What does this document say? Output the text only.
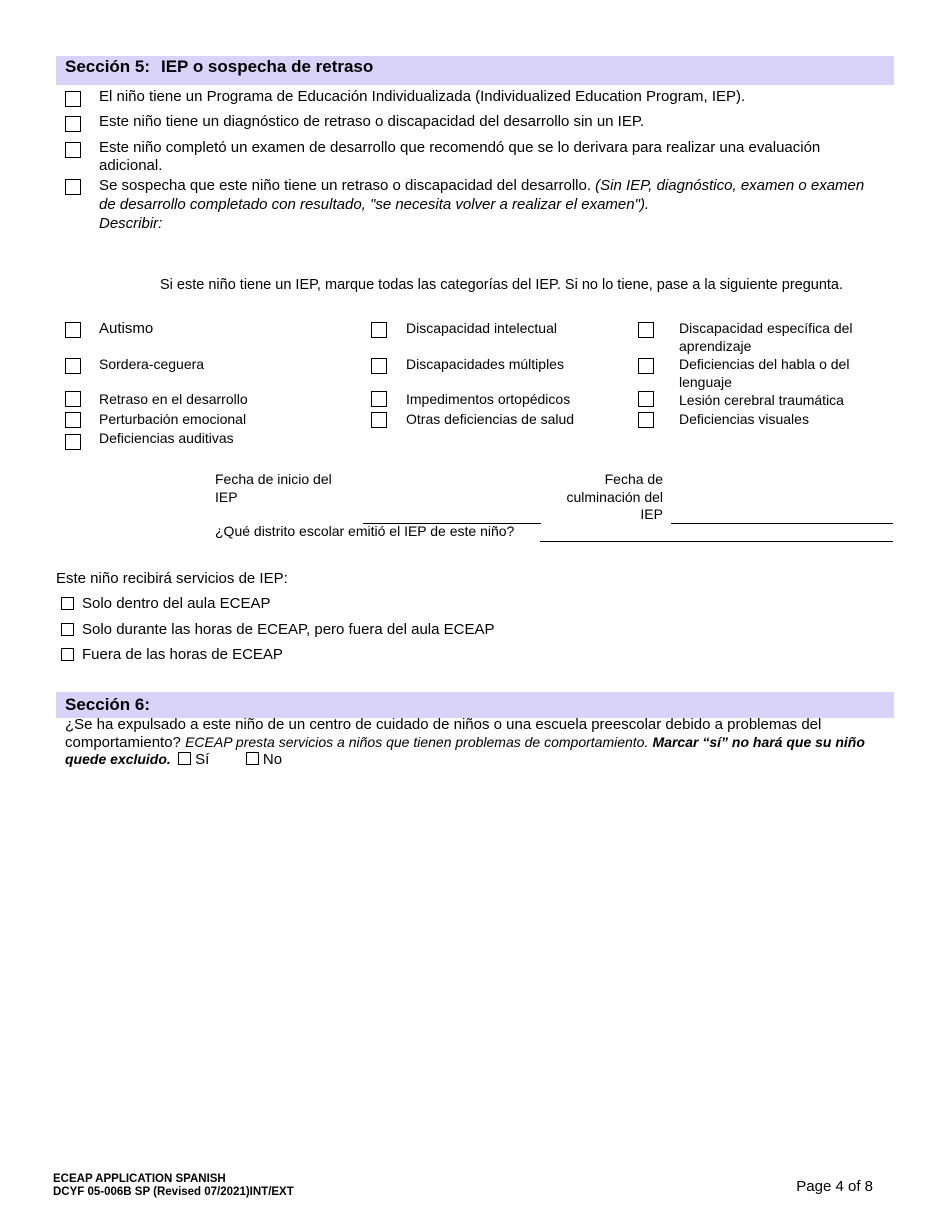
Sección 5: IEP o sospecha de retraso
El niño tiene un Programa de Educación Individualizada (Individualized Education Program, IEP).
Este niño tiene un diagnóstico de retraso o discapacidad del desarrollo sin un IEP.
Este niño completó un examen de desarrollo que recomendó que se lo derivara para realizar una evaluación adicional.
Se sospecha que este niño tiene un retraso o discapacidad del desarrollo. (Sin IEP, diagnóstico, examen o examen de desarrollo completado con resultado, "se necesita volver a realizar el examen").
Describir:
Si este niño tiene un IEP, marque todas las categorías del IEP. Si no lo tiene, pase a la siguiente pregunta.
Autismo
Sordera-ceguera
Retraso en el desarrollo
Perturbación emocional
Deficiencias auditivas
Discapacidad intelectual
Discapacidades múltiples
Impedimentos ortopédicos
Otras deficiencias de salud
Discapacidad específica del aprendizaje
Deficiencias del habla o del lenguaje
Lesión cerebral traumática
Deficiencias visuales
Fecha de inicio del IEP
Fecha de culminación del IEP
¿Qué distrito escolar emitió el IEP de este niño?
Este niño recibirá servicios de IEP:
Solo dentro del aula ECEAP
Solo durante las horas de ECEAP, pero fuera del aula ECEAP
Fuera de las horas de ECEAP
Sección 6:
¿Se ha expulsado a este niño de un centro de cuidado de niños o una escuela preescolar debido a problemas del comportamiento? ECEAP presta servicios a niños que tienen problemas de comportamiento. Marcar “sí” no hará que su niño quede excluido. Sí	No
ECEAP APPLICATION SPANISH
DCYF 05-006B SP (Revised 07/2021)INT/EXT	Page 4 of 8
